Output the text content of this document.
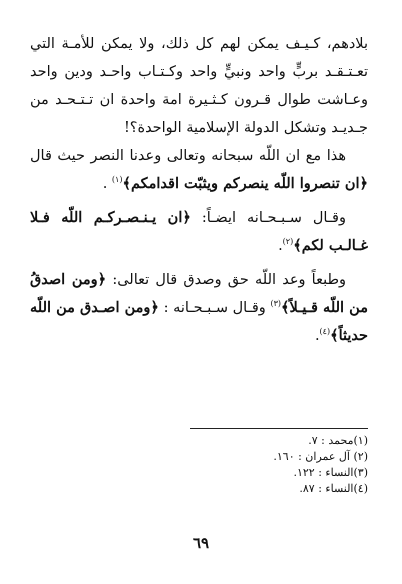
بلادهم، كـيـف يمكن لهم كل ذلك، ولا يمكن للأمـة التي تعـتـقـد بربٍّ واحد ونبيٍّ واحد وكـتـاب واحـد ودين واحد وعـاشت طوال قـرون كـثـيرة امة واحدة ان تـتـحـد من جـديـد وتشكل الدولة الإسلامية الواحدة؟!

هذا مع ان اللّه سبحانه وتعالى وعدنا النصر حيث قال ﴿ان تنصروا اللّه ينصركم ويثبّت اقدامكم﴾$^{(١)}$ .

وقـال سـبـحـانه ايضـاً: ﴿ان يـنـصـركـم اللّه فـلا غـالـب لكم﴾$^{(٢)}$.

وطبعاً وعد اللّه حق وصدق قال تعالى: ﴿ومن اصدقُ من اللّه قـيـلاً﴾$^{(٣)}$ وقـال سـبـحـانه : ﴿ومن اصـدق من اللّه حديثاً﴾$^{(٤)}$.

(١)محمد : ٧.
(٢) آل عمران : ١٦٠.
(٣)النساء : ١٢٢.
(٤)النساء : ٨٧.
٦٩
